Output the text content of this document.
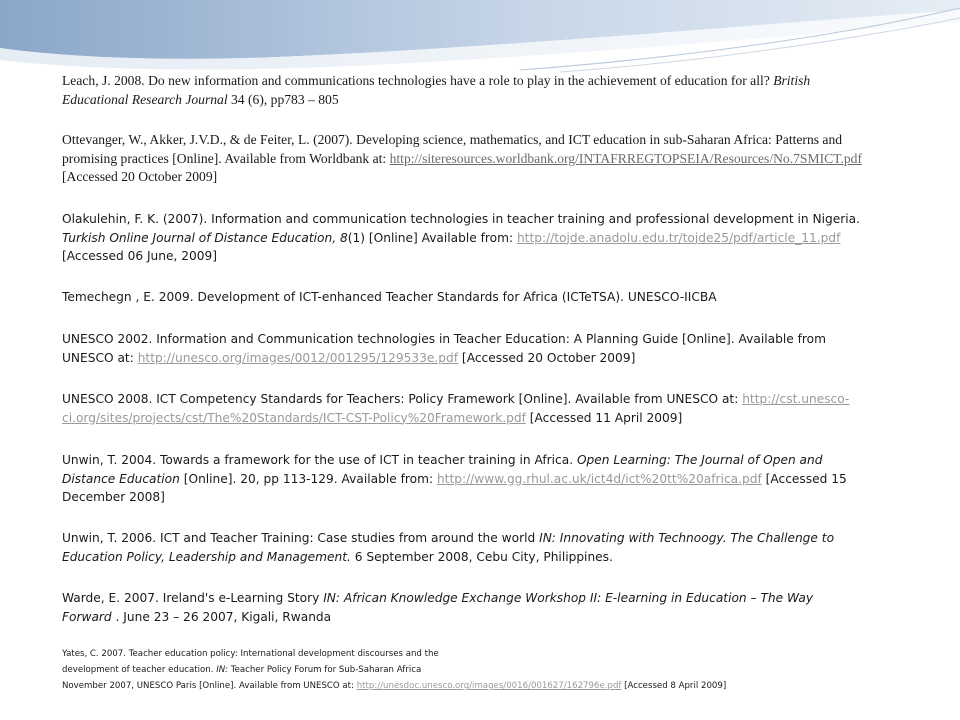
Leach, J. 2008. Do new information and communications technologies have a role to play in the achievement of education for all? British Educational Research Journal 34 (6), pp783 – 805

Ottevanger, W., Akker, J.V.D., & de Feiter, L. (2007). Developing science, mathematics, and ICT education in sub-Saharan Africa: Patterns and promising practices [Online]. Available from Worldbank at: http://siteresources.worldbank.org/INTAFRREGTOPSEIA/Resources/No.7SMICT.pdf [Accessed 20 October 2009]

Olakulehin, F. K. (2007). Information and communication technologies in teacher training and professional development in Nigeria. Turkish Online Journal of Distance Education, 8(1) [Online] Available from: http://tojde.anadolu.edu.tr/tojde25/pdf/article_11.pdf [Accessed 06 June, 2009]

Temechegn , E. 2009. Development of ICT-enhanced Teacher Standards for Africa (ICTeTSA). UNESCO-IICBA

UNESCO 2002. Information and Communication technologies in Teacher Education: A Planning Guide [Online]. Available from UNESCO at: http://unesco.org/images/0012/001295/129533e.pdf [Accessed 20 October 2009]

UNESCO 2008. ICT Competency Standards for Teachers: Policy Framework [Online]. Available from UNESCO at: http://cst.unesco-ci.org/sites/projects/cst/The%20Standards/ICT-CST-Policy%20Framework.pdf [Accessed 11 April 2009]

Unwin, T. 2004. Towards a framework for the use of ICT in teacher training in Africa. Open Learning: The Journal of Open and Distance Education [Online]. 20, pp 113-129. Available from: http://www.gg.rhul.ac.uk/ict4d/ict%20tt%20africa.pdf [Accessed 15 December 2008]

Unwin, T. 2006. ICT and Teacher Training: Case studies from around the world IN: Innovating with Technoogy. The Challenge to Education Policy, Leadership and Management. 6 September 2008, Cebu City, Philippines.

Warde, E. 2007. Ireland's e-Learning Story IN: African Knowledge Exchange Workshop II: E-learning in Education – The Way Forward . June 23 – 26 2007, Kigali, Rwanda

Yates, C. 2007. Teacher education policy: International development discourses and the
development of teacher education. IN: Teacher Policy Forum for Sub-Saharan Africa
November 2007, UNESCO Paris [Online]. Available from UNESCO at: http://unesdoc.unesco.org/images/0016/001627/162796e.pdf [Accessed 8 April 2009]
